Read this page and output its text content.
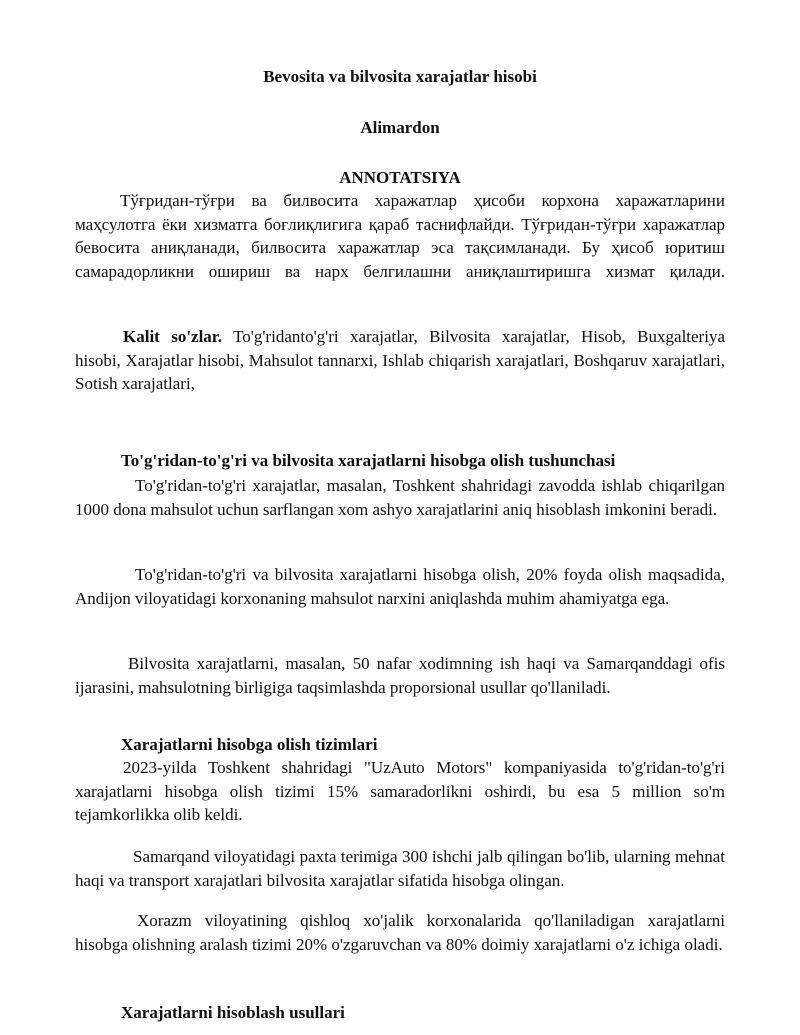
Bevosita va bilvosita xarajatlar hisobi
Alimardon
ANNOTATSIYA

Тўғридан-тўғри ва билвосита харажатлар ҳисоби корхона харажатларини маҳсулотга ёки хизматга боғлиқлигига қараб таснифлайди. Тўғридан-тўғри харажатлар бевосита аниқланади, билвосита харажатлар эса тақсимланади. Бу ҳисоб юритиш самарадорликни ошириш ва нарх белгилашни аниқлаштиришга хизмат қилади.

Kalit so'zlar. To'g'ridanto'g'ri xarajatlar, Bilvosita xarajatlar, Hisob, Buxgalteriya hisobi, Xarajatlar hisobi, Mahsulot tannarxi, Ishlab chiqarish xarajatlari, Boshqaruv xarajatlari, Sotish xarajatlari,

To'g'ridan-to'g'ri va bilvosita xarajatlarni hisobga olish tushunchasi

To'g'ridan-to'g'ri xarajatlar, masalan, Toshkent shahridagi zavodda ishlab chiqarilgan 1000 dona mahsulot uchun sarflangan xom ashyo xarajatlarini aniq hisoblash imkonini beradi.

To'g'ridan-to'g'ri va bilvosita xarajatlarni hisobga olish, 20% foyda olish maqsadida, Andijon viloyatidagi korxonaning mahsulot narxini aniqlashda muhim ahamiyatga ega.

Bilvosita xarajatlarni, masalan, 50 nafar xodimning ish haqi va Samarqanddagi ofis ijarasini, mahsulotning birligiga taqsimlashda proporsional usullar qo'llaniladi.

Xarajatlarni hisobga olish tizimlari

2023-yilda Toshkent shahridagi "UzAuto Motors" kompaniyasida to'g'ridan-to'g'ri xarajatlarni hisobga olish tizimi 15% samaradorlikni oshirdi, bu esa 5 million so'm tejamkorlikka olib keldi.

Samarqand viloyatidagi paxta terimiga 300 ishchi jalb qilingan bo'lib, ularning mehnat haqi va transport xarajatlari bilvosita xarajatlar sifatida hisobga olingan.

Xorazm viloyatining qishloq xo'jalik korxonalarida qo'llaniladigan xarajatlarni hisobga olishning aralash tizimi 20% o'zgaruvchan va 80% doimiy xarajatlarni o'z ichiga oladi.

Xarajatlarni hisoblash usullari
